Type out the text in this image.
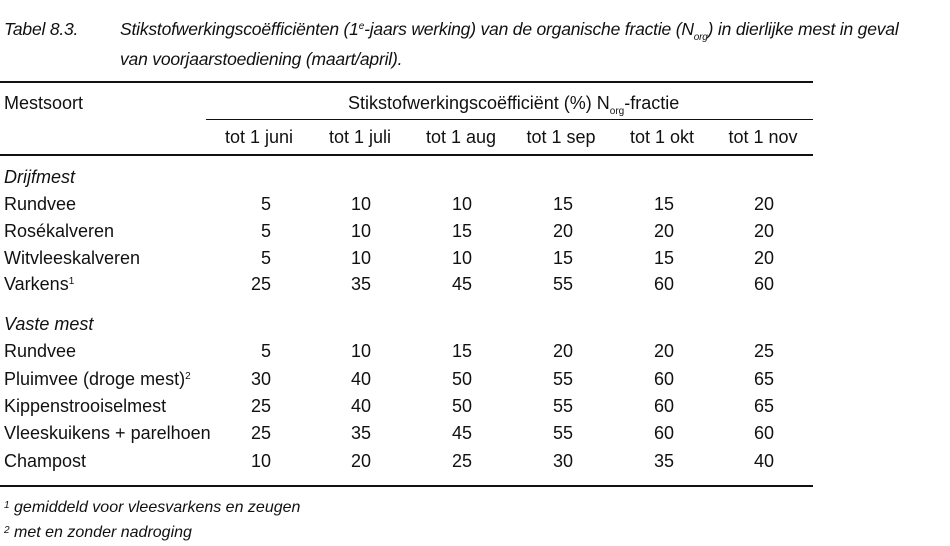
Tabel 8.3. Stikstofwerkingscoëfficiënten (1e-jaars werking) van de organische fractie $(N_{org})$ in dierlijke mest in geval
van voorjaarstoediening (maart/april).
Mestsoort	Stikstofwerkingscoëfficiënt (%) $N_{org}$-fractie
tot 1 juni	tot 1 juli	tot 1 aug	tot 1 sep	tot 1 okt	tot 1 nov
Drijfmest
Rundvee	5	10	10	15	15	20
Rosékalveren	5	10	15	20	20	20
Witvleeskalveren	5	10	10	15	15	20
Varkens$^1$	25	35	45	55	60	60
Vaste mest
Rundvee	5	10	15	20	20	25
Pluimvee (droge mest)$^2$	30	40	50	55	60	65
Kippenstrooiselmest	25	40	50	55	60	65
Vleeskuikens + parelhoen	25	35	45	55	60	60
Champost	10	20	25	30	35	40
$^1$ gemiddeld voor vleesvarkens en zeugen
$^2$ met en zonder nadroging
